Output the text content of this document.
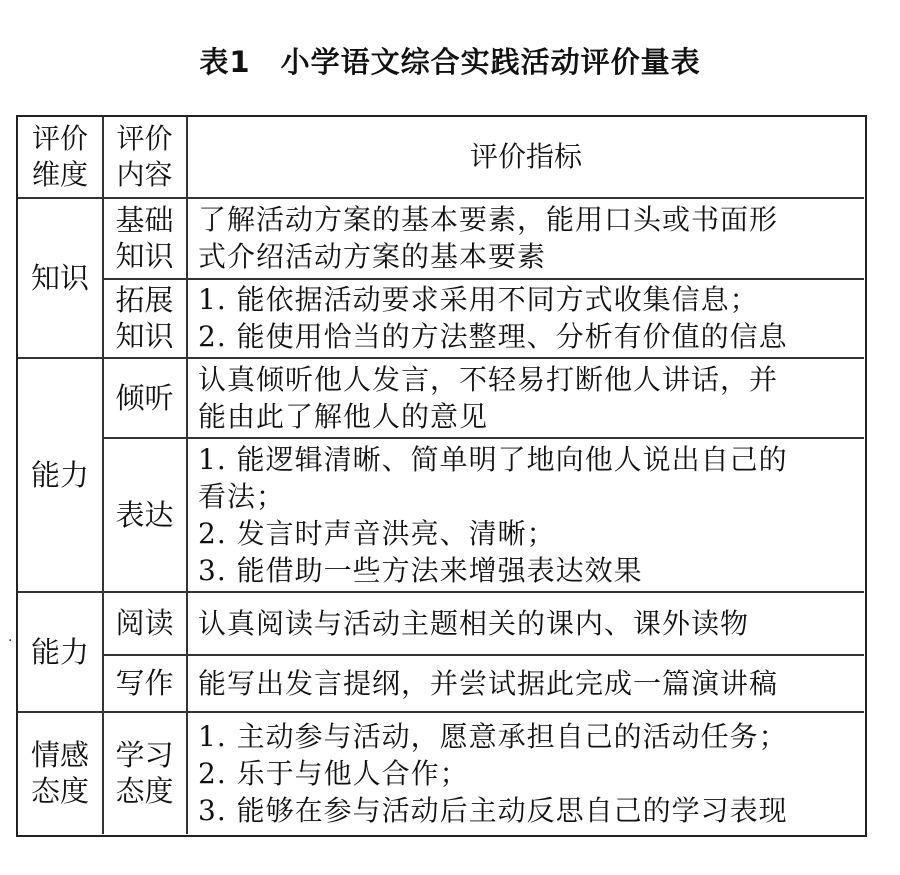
表1　小学语文综合实践活动评价量表
·
评价
维度
评价
内容
评价指标
知识
能力
能力
情感
态度
基础
知识
拓展
知识
倾听
表达
阅读
写作
学习
态度
了解活动方案的基本要素，能用口头或书面形
式介绍活动方案的基本要素
1. 能依据活动要求采用不同方式收集信息；
2. 能使用恰当的方法整理、分析有价值的信息
认真倾听他人发言，不轻易打断他人讲话，并
能由此了解他人的意见
1. 能逻辑清晰、简单明了地向他人说出自己的
看法；
2. 发言时声音洪亮、清晰；
3. 能借助一些方法来增强表达效果
认真阅读与活动主题相关的课内、课外读物
能写出发言提纲，并尝试据此完成一篇演讲稿
1. 主动参与活动，愿意承担自己的活动任务；
2. 乐于与他人合作；
3. 能够在参与活动后主动反思自己的学习表现
